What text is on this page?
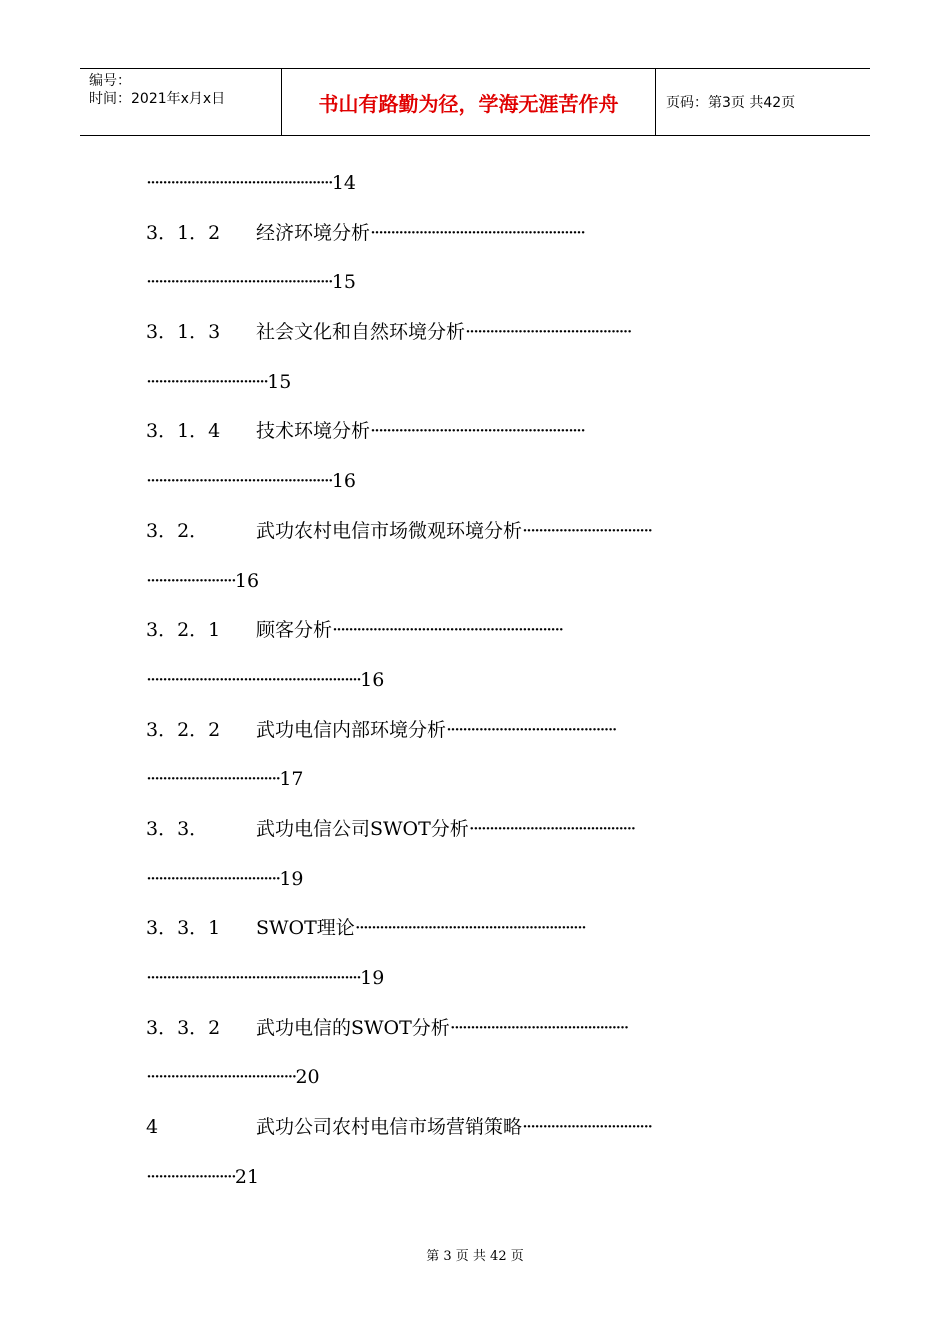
编号：
时间：2021年x月x日	书山有路勤为径，学海无涯苦作舟	页码：第3页 共42页
·············································· 14
3．1．2	经济环境分析 ·····················································
·············································· 15
3．1．3	社会文化和自然环境分析 ·········································
······························ 15
3．1．4	技术环境分析 ·····················································
·············································· 16
3．2．	武功农村电信市场微观环境分析 ································
······················ 16
3．2．1	顾客分析 ·························································
····················································· 16
3．2．2	武功电信内部环境分析 ··········································
································· 17
3．3．	武功电信公司SWOT分析 ·········································
································· 19
3．3．1	SWOT理论 ·························································
····················································· 19
3．3．2	武功电信的SWOT分析 ············································
····································· 20
4	武功公司农村电信市场营销策略 ································
······················ 21
第 3 页 共 42 页
